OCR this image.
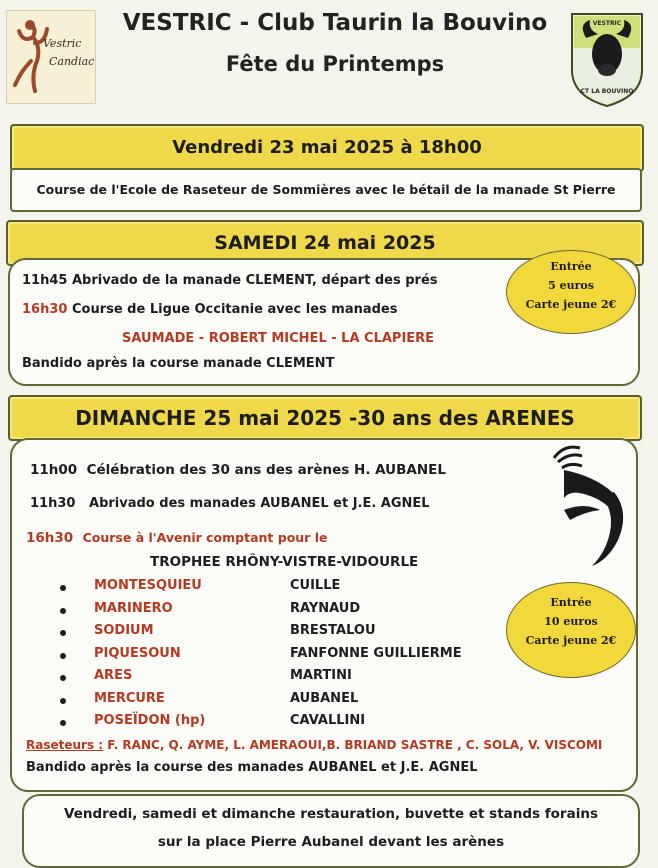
Vestric
Candiac
VESTRIC - Club Taurin la Bouvino
Fête du Printemps
VESTRIC
CT LA BOUVINO
Vendredi 23 mai 2025 à 18h00
Course de l'Ecole de Raseteur de Sommières avec le bétail de la manade St Pierre
SAMEDI 24 mai 2025
11h45 Abrivado de la manade CLEMENT, départ des prés
16h30 Course de Ligue Occitanie avec les manades
SAUMADE - ROBERT MICHEL - LA CLAPIERE
Bandido après la course manade CLEMENT
Entrée
5 euros
Carte jeune 2€
DIMANCHE 25 mai 2025 -30 ans des ARENES
11h00 Célébration des 30 ans des arènes H. AUBANEL
11h30 Abrivado des manades AUBANEL et J.E. AGNEL
16h30 Course à l'Avenir comptant pour le
TROPHEE RHÔNY-VISTRE-VIDOURLE
MONTESQUIEU	CUILLE
MARINERO	RAYNAUD
SODIUM	BRESTALOU
PIQUESOUN	FANFONNE GUILLIERME
ARES	MARTINI
MERCURE	AUBANEL
POSEÏDON (hp)	CAVALLINI
Raseteurs : F. RANC, Q. AYME, L. AMERAOUI,B. BRIAND SASTRE , C. SOLA, V. VISCOMI
Bandido après la course des manades AUBANEL et J.E. AGNEL
Entrée
10 euros
Carte jeune 2€
Vendredi, samedi et dimanche restauration, buvette et stands forains
sur la place Pierre Aubanel devant les arènes
